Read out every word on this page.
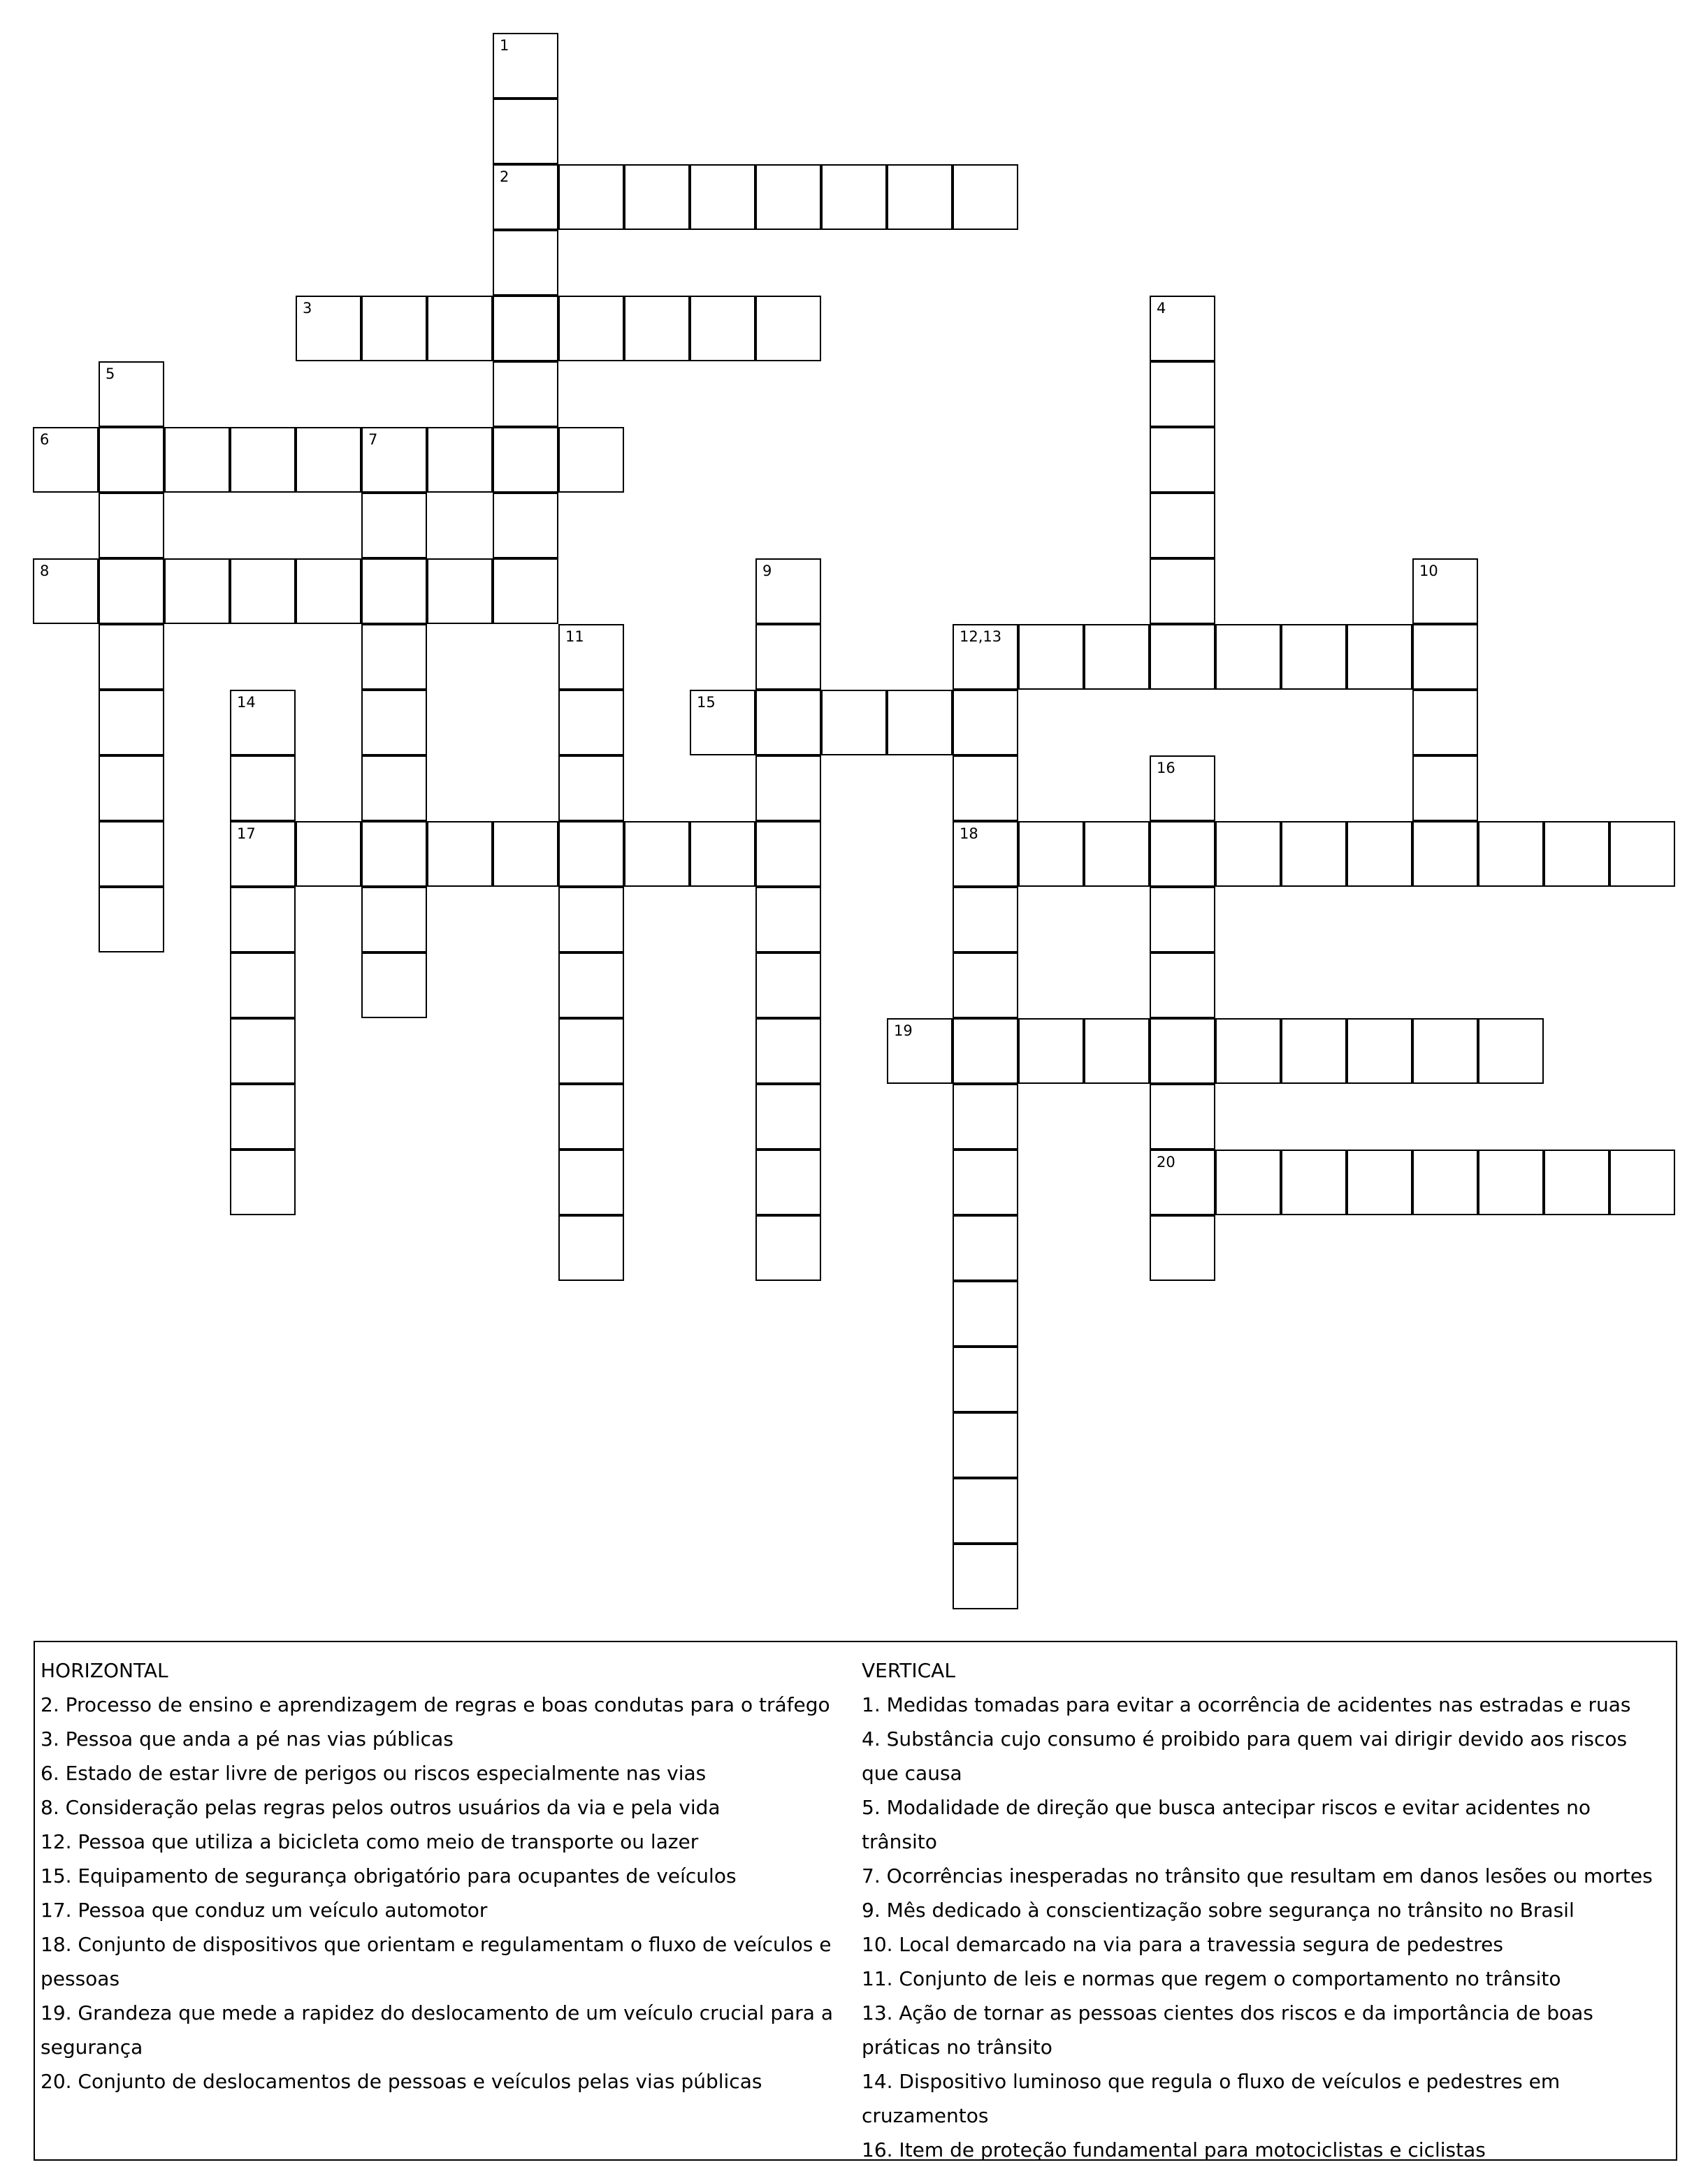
1
2
3	4
5
6	7
8	9	10
11	12,13
18
14
17
15
16
20
19
HORIZONTAL

2. Processo de ensino e aprendizagem de regras e boas condutas para o tráfego

3. Pessoa que anda a pé nas vias públicas

6. Estado de estar livre de perigos ou riscos especialmente nas vias

8. Consideração pelas regras pelos outros usuários da via e pela vida

12. Pessoa que utiliza a bicicleta como meio de transporte ou lazer

15. Equipamento de segurança obrigatório para ocupantes de veículos

17. Pessoa que conduz um veículo automotor

18. Conjunto de dispositivos que orientam e regulamentam o fluxo de veículos e pessoas

19. Grandeza que mede a rapidez do deslocamento de um veículo crucial para a segurança

20. Conjunto de deslocamentos de pessoas e veículos pelas vias públicas

VERTICAL

1. Medidas tomadas para evitar a ocorrência de acidentes nas estradas e ruas

4. Substância cujo consumo é proibido para quem vai dirigir devido aos riscos que causa

5. Modalidade de direção que busca antecipar riscos e evitar acidentes no trânsito

7. Ocorrências inesperadas no trânsito que resultam em danos lesões ou mortes

9. Mês dedicado à conscientização sobre segurança no trânsito no Brasil

10. Local demarcado na via para a travessia segura de pedestres

11. Conjunto de leis e normas que regem o comportamento no trânsito

13. Ação de tornar as pessoas cientes dos riscos e da importância de boas práticas no trânsito

14. Dispositivo luminoso que regula o fluxo de veículos e pedestres em cruzamentos

16. Item de proteção fundamental para motociclistas e ciclistas
